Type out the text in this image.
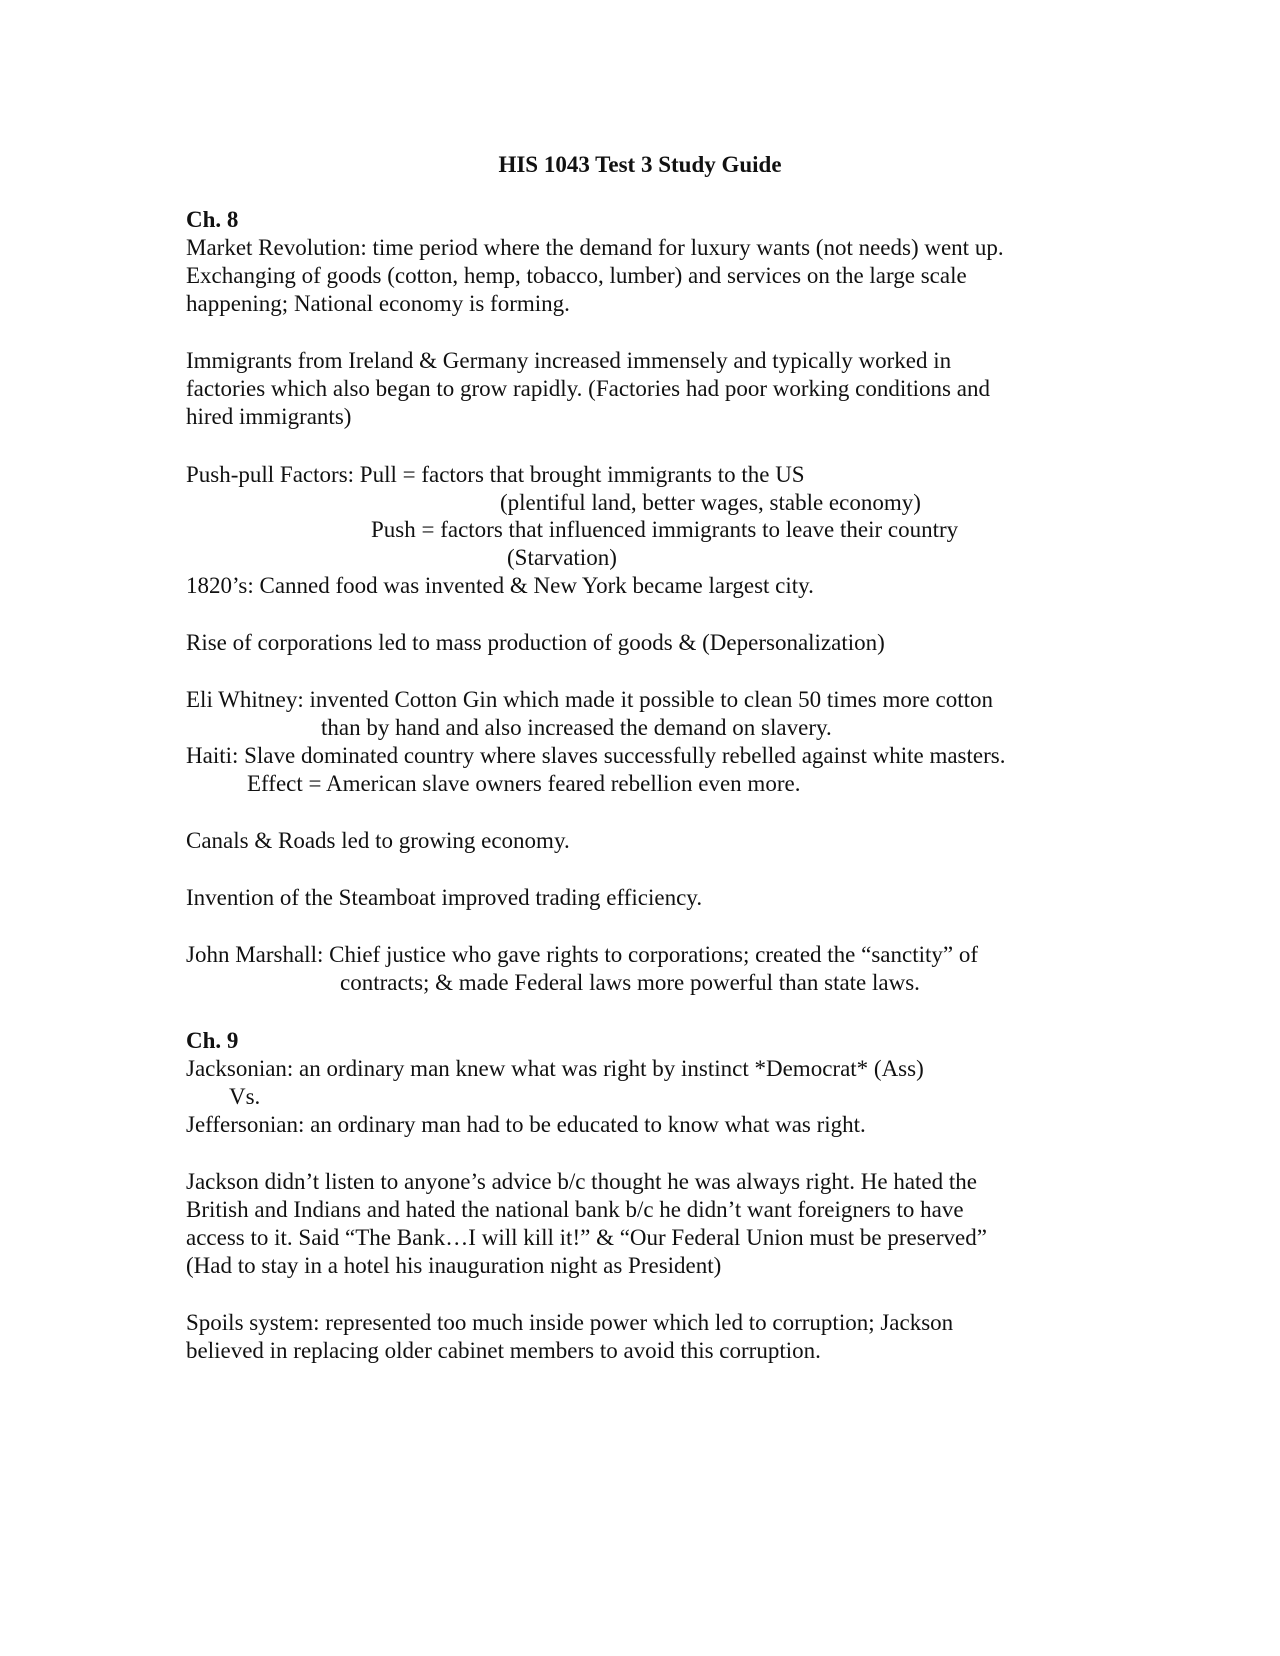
HIS 1043 Test 3 Study Guide
Ch. 8
Market Revolution: time period where the demand for luxury wants (not needs) went up.
Exchanging of goods (cotton, hemp, tobacco, lumber) and services on the large scale
happening; National economy is forming.
Immigrants from Ireland & Germany increased immensely and typically worked in
factories which also began to grow rapidly. (Factories had poor working conditions and
hired immigrants)
Push-pull Factors: Pull = factors that brought immigrants to the US
(plentiful land, better wages, stable economy)
Push = factors that influenced immigrants to leave their country
(Starvation)
1820’s: Canned food was invented & New York became largest city.
Rise of corporations led to mass production of goods & (Depersonalization)
Eli Whitney: invented Cotton Gin which made it possible to clean 50 times more cotton
than by hand and also increased the demand on slavery.
Haiti: Slave dominated country where slaves successfully rebelled against white masters.
Effect = American slave owners feared rebellion even more.
Canals & Roads led to growing economy.
Invention of the Steamboat improved trading efficiency.
John Marshall: Chief justice who gave rights to corporations; created the “sanctity” of
contracts; & made Federal laws more powerful than state laws.
Ch. 9
Jacksonian: an ordinary man knew what was right by instinct *Democrat* (Ass)
Vs.
Jeffersonian: an ordinary man had to be educated to know what was right.
Jackson didn’t listen to anyone’s advice b/c thought he was always right. He hated the
British and Indians and hated the national bank b/c he didn’t want foreigners to have
access to it. Said “The Bank…I will kill it!” & “Our Federal Union must be preserved”
(Had to stay in a hotel his inauguration night as President)
Spoils system: represented too much inside power which led to corruption; Jackson
believed in replacing older cabinet members to avoid this corruption.
